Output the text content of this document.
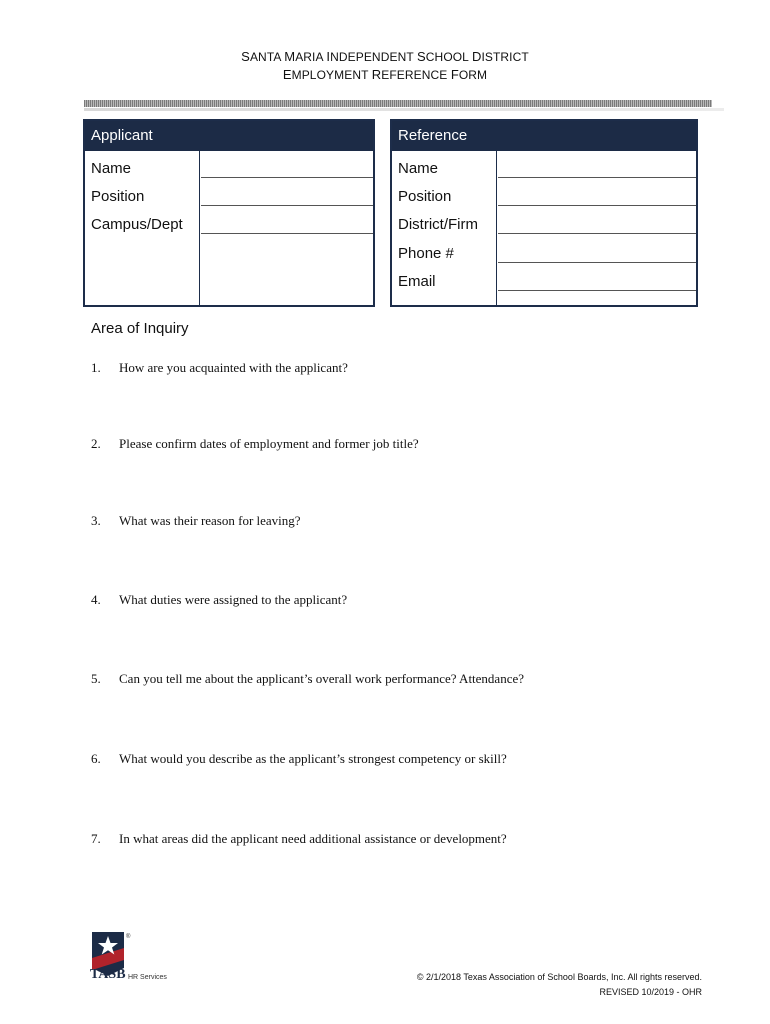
SANTA MARIA INDEPENDENT SCHOOL DISTRICT
EMPLOYMENT REFERENCE FORM
Applicant
Name
Position
Campus/Dept
Reference
Name
Position
District/Firm
Phone #
Email
Area of Inquiry
1. How are you acquainted with the applicant?
2. Please confirm dates of employment and former job title?
3. What was their reason for leaving?
4. What duties were assigned to the applicant?
5. Can you tell me about the applicant’s overall work performance? Attendance?
6. What would you describe as the applicant’s strongest competency or skill?
7. In what areas did the applicant need additional assistance or development?
TASB HR Services
®
© 2/1/2018 Texas Association of School Boards, Inc. All rights reserved.
REVISED 10/2019 - OHR
